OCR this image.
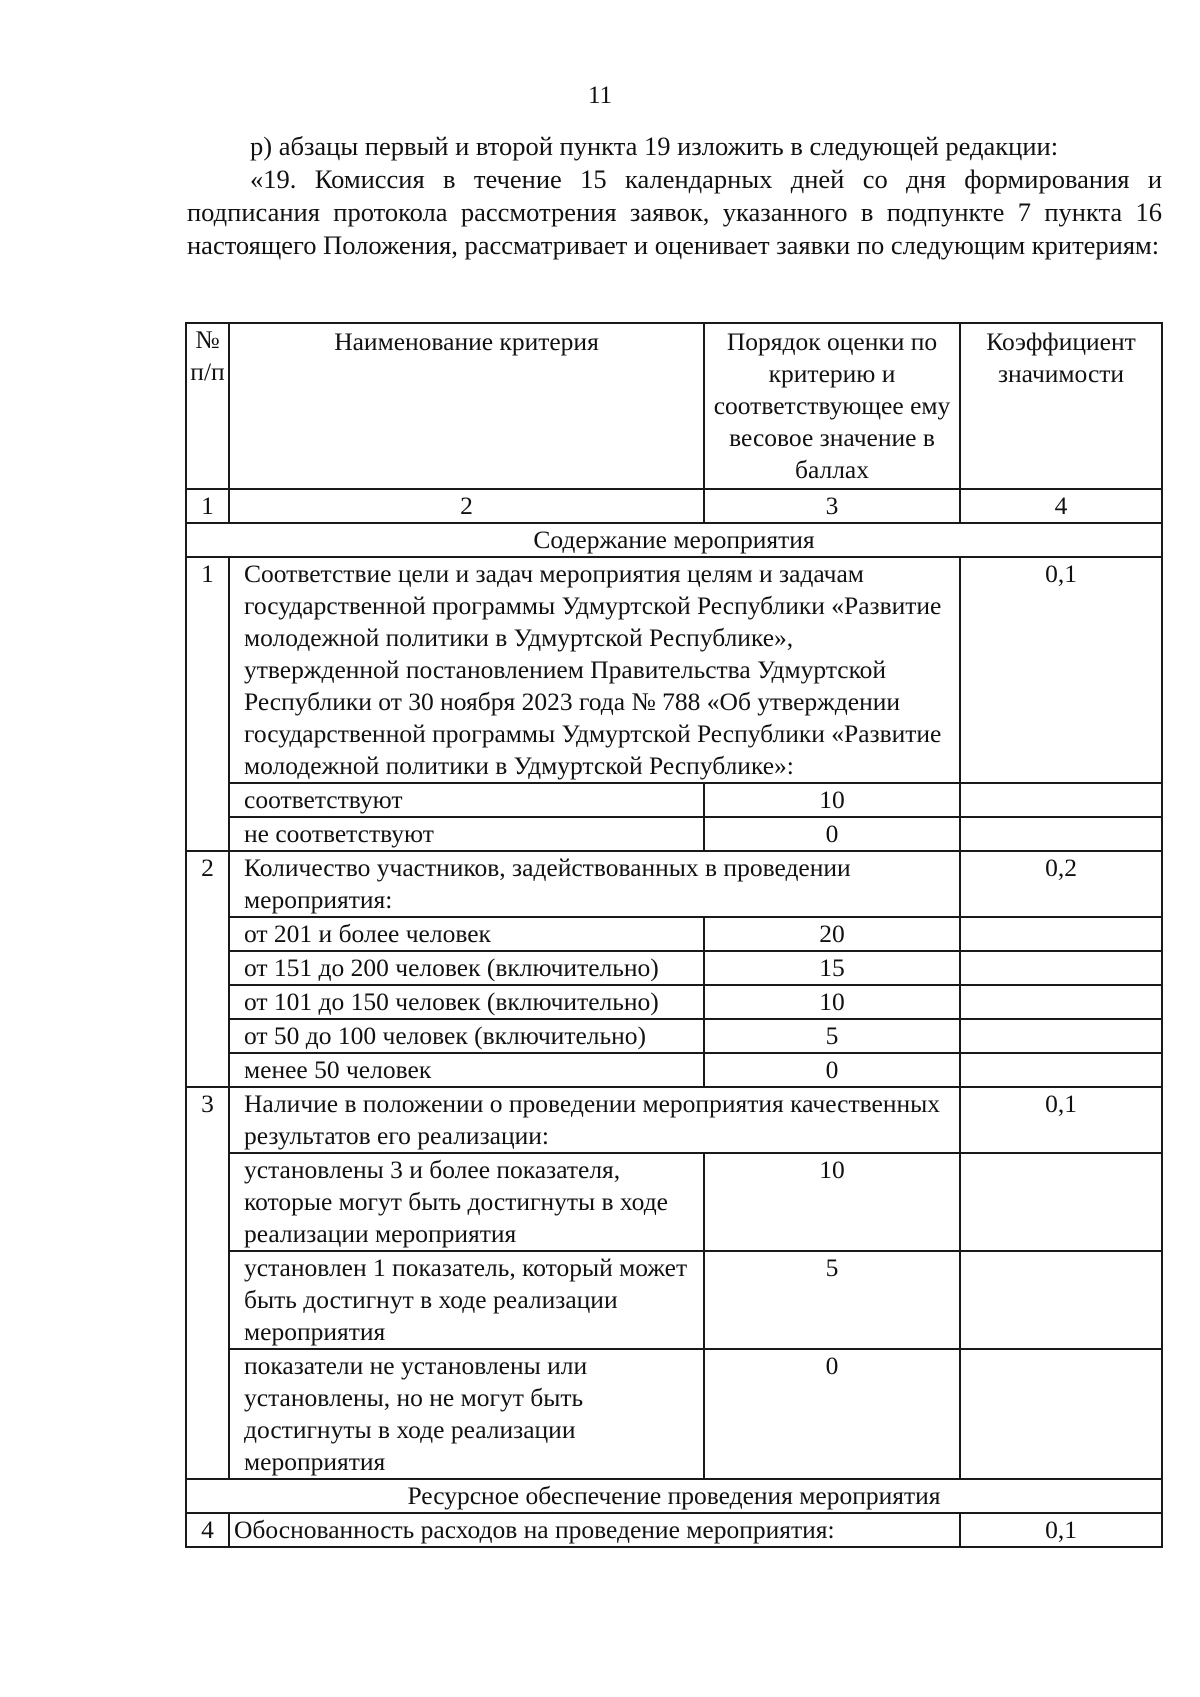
11

р) абзацы первый и второй пункта 19 изложить в следующей редакции:

«19. Комиссия в течение 15 календарных дней со дня формирования и подписания протокола рассмотрения заявок, указанного в подпункте 7 пункта 16 настоящего Положения, рассматривает и оценивает заявки по следующим критериям:

№ п/п	Наименование критерия	Порядок оценки по критерию и соответствующее ему весовое значение в баллах	Коэффициент значимости
1	2	3	4
Содержание мероприятия			
1	Соответствие цели и задач мероприятия целям и задачам государственной программы Удмуртской Республики «Развитие молодежной политики в Удмуртской Республике», утвержденной постановлением Правительства Удмуртской Республики от 30 ноября 2023 года № 788 «Об утверждении государственной программы Удмуртской Республики «Развитие молодежной политики в Удмуртской Республике»:		0,1
	соответствуют	10	
	не соответствуют	0	
2	Количество участников, задействованных в проведении мероприятия:		0,2
	от 201 и более человек	20	
	от 151 до 200 человек (включительно)	15	
	от 101 до 150 человек (включительно)	10	
	от 50 до 100 человек (включительно)	5	
	менее 50 человек	0	
3	Наличие в положении о проведении мероприятия качественных результатов его реализации:		0,1
	установлены 3 и более показателя, которые могут быть достигнуты в ходе реализации мероприятия	10	
	установлен 1 показатель, который может быть достигнут в ходе реализации мероприятия	5	
	показатели не установлены или установлены, но не могут быть достигнуты в ходе реализации мероприятия	0	
Ресурсное обеспечение проведения мероприятия			
4	Обоснованность расходов на проведение мероприятия:		0,1
